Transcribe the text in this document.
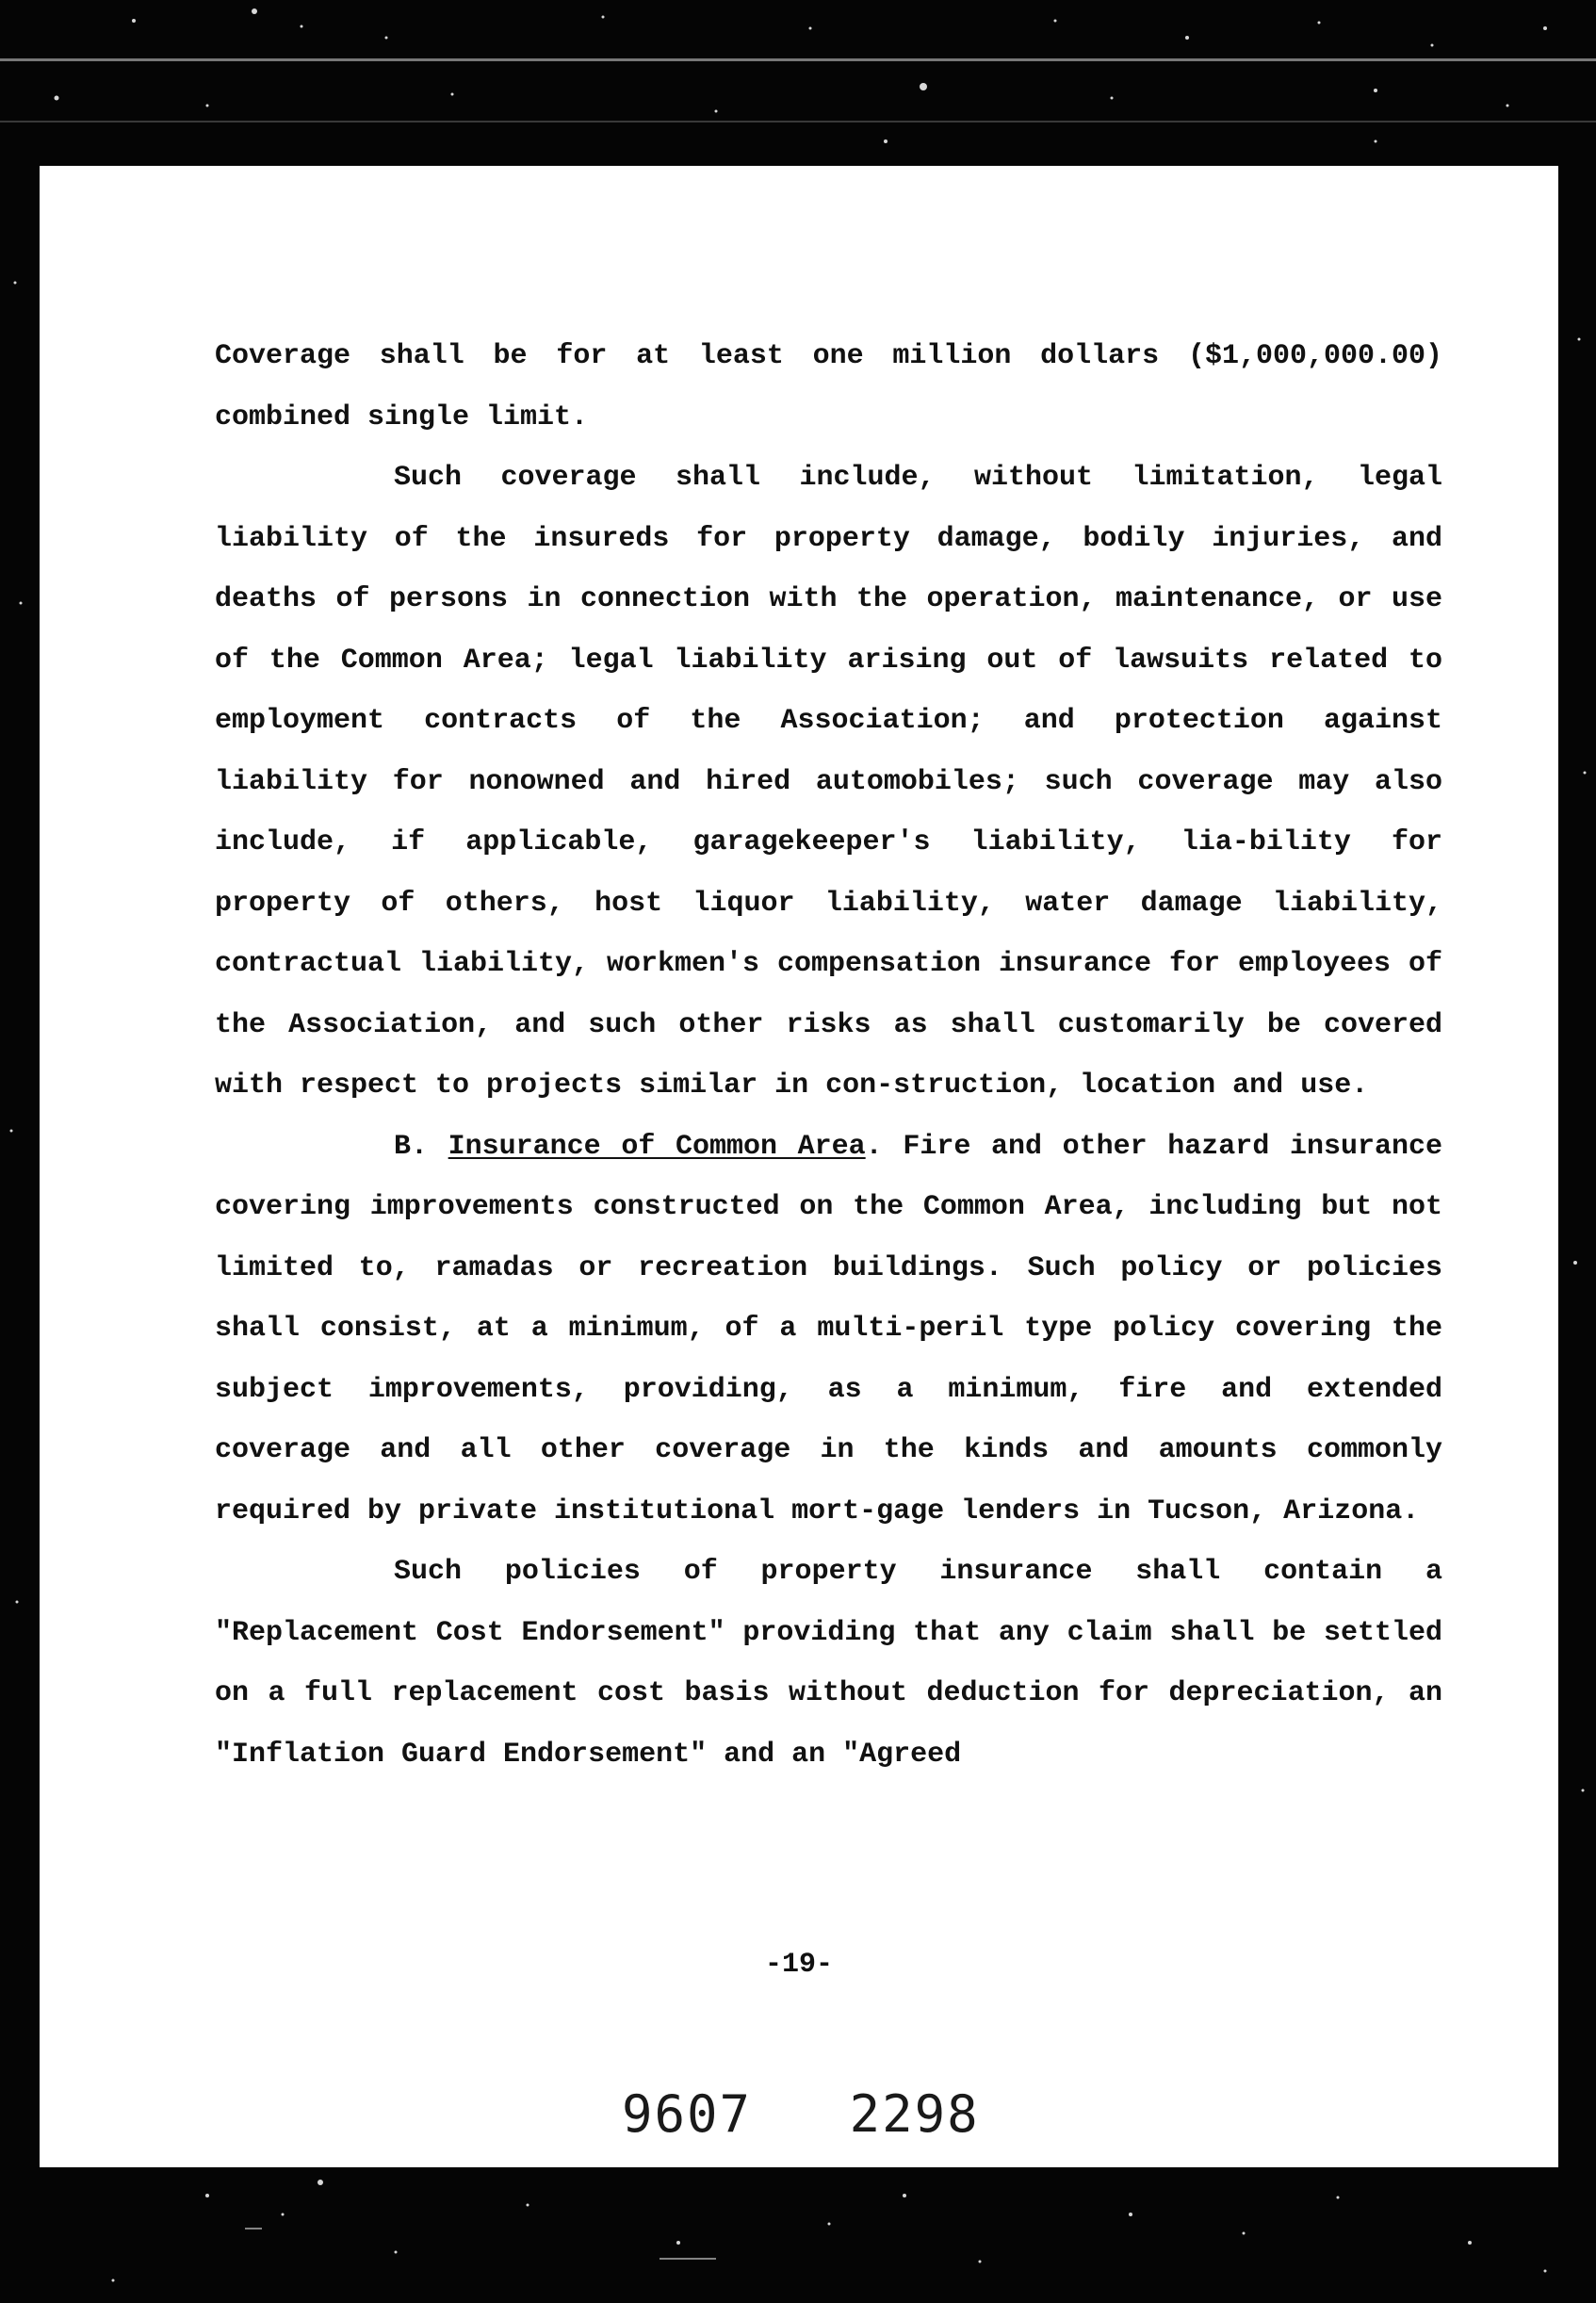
Coverage shall be for at least one million dollars ($1,000,000.00) combined single limit.

Such coverage shall include, without limitation, legal liability of the insureds for property damage, bodily injuries, and deaths of persons in connection with the operation, maintenance, or use of the Common Area; legal liability arising out of lawsuits related to employment contracts of the Association; and protection against liability for nonowned and hired automobiles; such coverage may also include, if applicable, garagekeeper's liability, lia-bility for property of others, host liquor liability, water damage liability, contractual liability, workmen's compensation insurance for employees of the Association, and such other risks as shall customarily be covered with respect to projects similar in con-struction, location and use.

B. Insurance of Common Area. Fire and other hazard insurance covering improvements constructed on the Common Area, including but not limited to, ramadas or recreation buildings. Such policy or policies shall consist, at a minimum, of a multi-peril type policy covering the subject improvements, providing, as a minimum, fire and extended coverage and all other coverage in the kinds and amounts commonly required by private institutional mort-gage lenders in Tucson, Arizona.

Such policies of property insurance shall contain a "Replacement Cost Endorsement" providing that any claim shall be settled on a full replacement cost basis without deduction for depreciation, an "Inflation Guard Endorsement" and an "Agreed

-19-
9607   2298
